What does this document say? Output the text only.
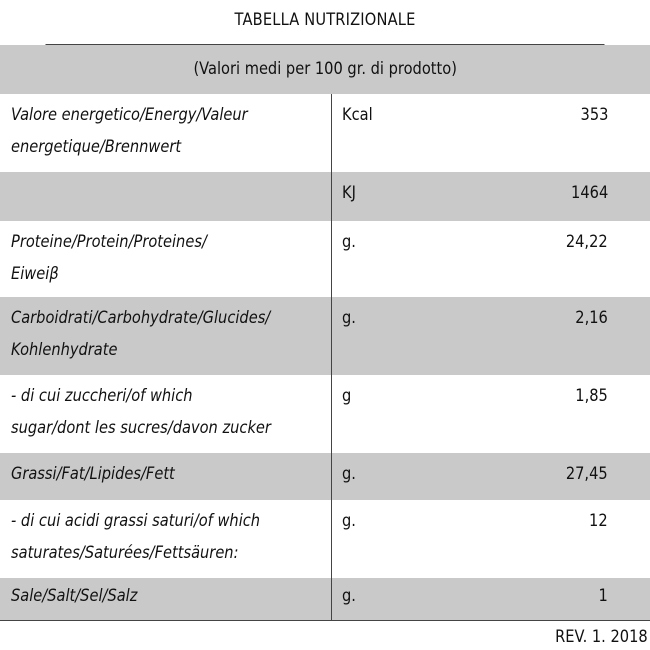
TABELLA NUTRIZIONALE
(Valori medi per 100 gr. di prodotto)
Valore energetico/Energy/Valeur
energetique/Brennwert
Kcal	353
KJ	1464
Proteine/Protein/Proteines/
Eiweiβ
g.	24,22
Carboidrati/Carbohydrate/Glucides/
Kohlenhydrate
g.	2,16
- di cui zuccheri/of which
sugar/dont les sucres/davon zucker
g	1,85
Grassi/Fat/Lipides/Fett	g.	27,45
- di cui acidi grassi saturi/of which
saturates/Saturées/Fettsäuren:
g.	12
Sale/Salt/Sel/Salz	g.	1
REV. 1. 2018
